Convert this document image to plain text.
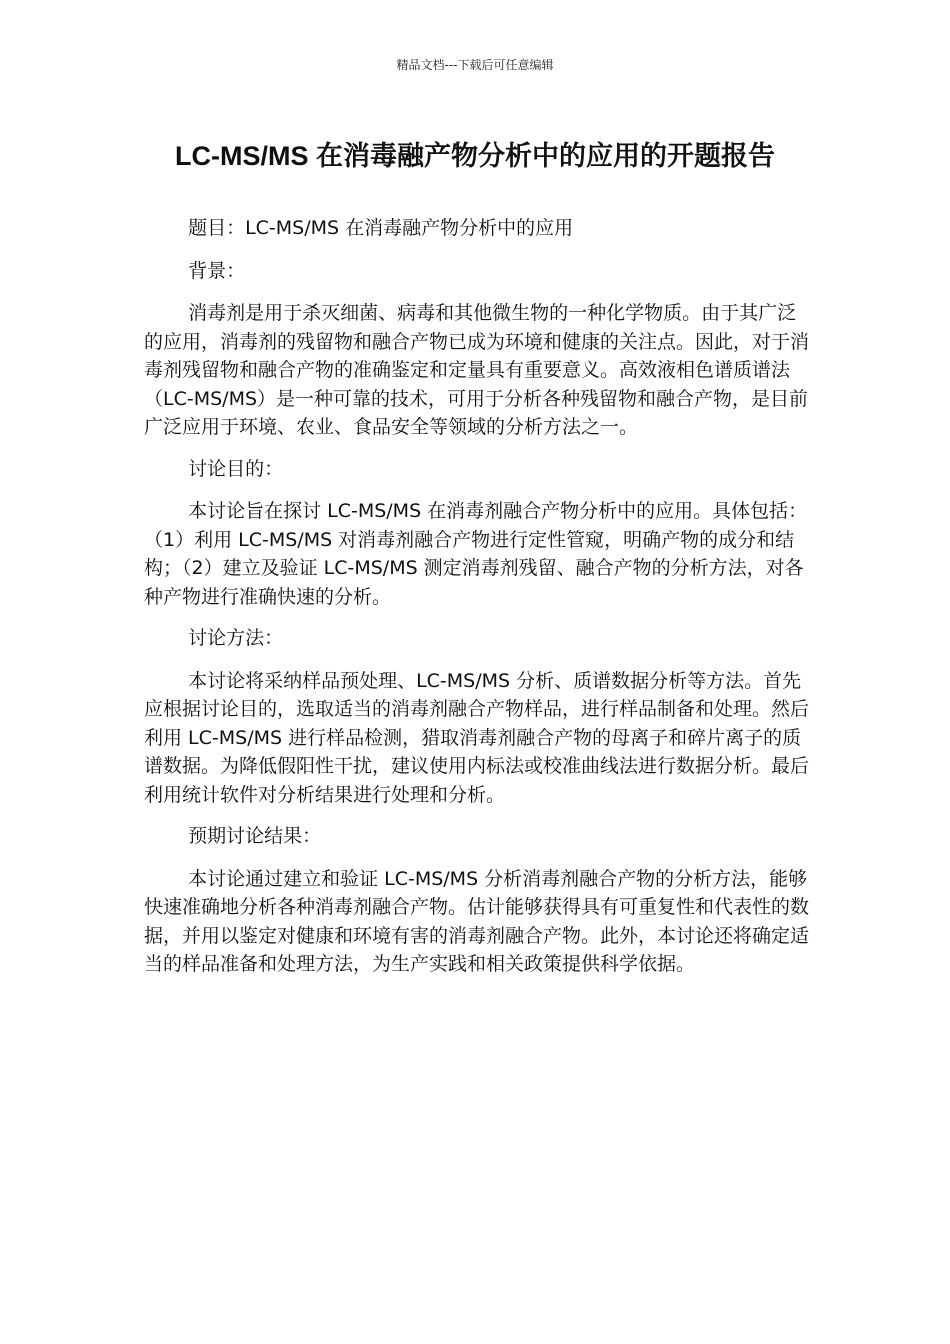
精品文档---下载后可任意编辑
LC-MS/MS 在消毒融产物分析中的应用的开题报告

题目：LC-MS/MS 在消毒融产物分析中的应用

背景：

消毒剂是用于杀灭细菌、病毒和其他微生物的一种化学物质。由于其广泛的应用，消毒剂的残留物和融合产物已成为环境和健康的关注点。因此，对于消毒剂残留物和融合产物的准确鉴定和定量具有重要意义。高效液相色谱质谱法（LC-MS/MS）是一种可靠的技术，可用于分析各种残留物和融合产物，是目前广泛应用于环境、农业、食品安全等领域的分析方法之一。

讨论目的：

本讨论旨在探讨 LC-MS/MS 在消毒剂融合产物分析中的应用。具体包括：（1）利用 LC-MS/MS 对消毒剂融合产物进行定性管窥，明确产物的成分和结构；（2）建立及验证 LC-MS/MS 测定消毒剂残留、融合产物的分析方法，对各种产物进行准确快速的分析。

讨论方法：

本讨论将采纳样品预处理、LC-MS/MS 分析、质谱数据分析等方法。首先应根据讨论目的，选取适当的消毒剂融合产物样品，进行样品制备和处理。然后利用 LC-MS/MS 进行样品检测，猎取消毒剂融合产物的母离子和碎片离子的质谱数据。为降低假阳性干扰，建议使用内标法或校准曲线法进行数据分析。最后利用统计软件对分析结果进行处理和分析。

预期讨论结果：

本讨论通过建立和验证 LC-MS/MS 分析消毒剂融合产物的分析方法，能够快速准确地分析各种消毒剂融合产物。估计能够获得具有可重复性和代表性的数据，并用以鉴定对健康和环境有害的消毒剂融合产物。此外，本讨论还将确定适当的样品准备和处理方法，为生产实践和相关政策提供科学依据。
